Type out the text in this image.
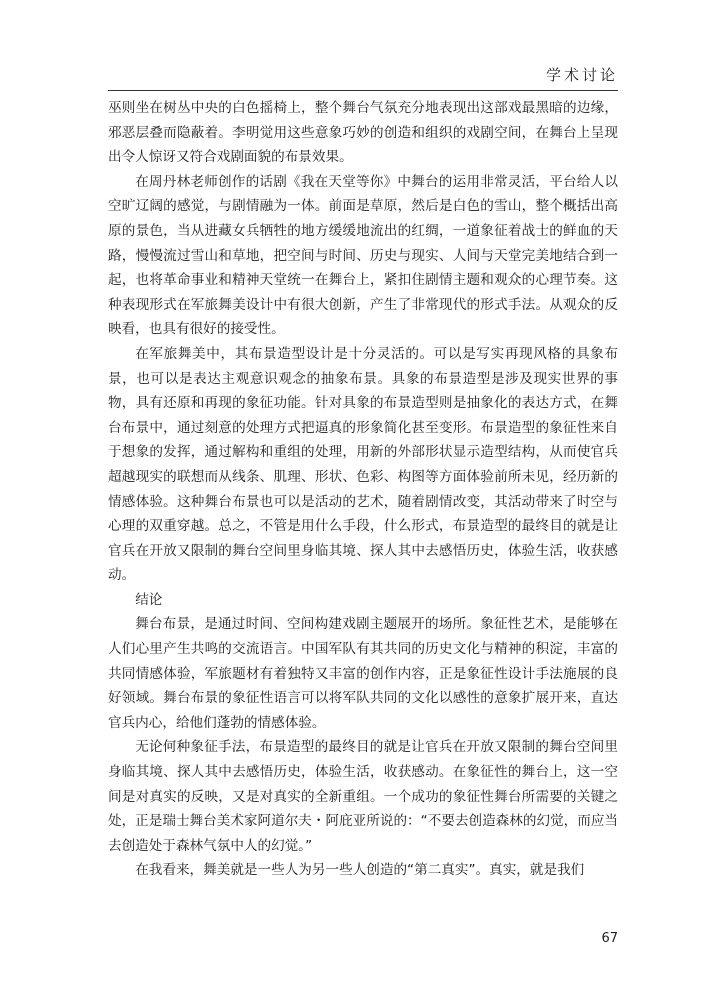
学术讨论

巫则坐在树丛中央的白色摇椅上，整个舞台气氛充分地表现出这部戏最黑暗的边缘，邪恶层叠而隐蔽着。李明觉用这些意象巧妙的创造和组织的戏剧空间，在舞台上呈现出令人惊讶又符合戏剧面貌的布景效果。

在周丹林老师创作的话剧《我在天堂等你》中舞台的运用非常灵活，平台给人以空旷辽阔的感觉，与剧情融为一体。前面是草原，然后是白色的雪山，整个概括出高原的景色，当从进藏女兵牺牲的地方缓缓地流出的红绸，一道象征着战士的鲜血的天路，慢慢流过雪山和草地，把空间与时间、历史与现实、人间与天堂完美地结合到一起，也将革命事业和精神天堂统一在舞台上，紧扣住剧情主题和观众的心理节奏。这种表现形式在军旅舞美设计中有很大创新，产生了非常现代的形式手法。从观众的反映看，也具有很好的接受性。

在军旅舞美中，其布景造型设计是十分灵活的。可以是写实再现风格的具象布景，也可以是表达主观意识观念的抽象布景。具象的布景造型是涉及现实世界的事物，具有还原和再现的象征功能。针对具象的布景造型则是抽象化的表达方式，在舞台布景中，通过刻意的处理方式把逼真的形象简化甚至变形。布景造型的象征性来自于想象的发挥，通过解构和重组的处理，用新的外部形状显示造型结构，从而使官兵超越现实的联想而从线条、肌理、形状、色彩、构图等方面体验前所未见，经历新的情感体验。这种舞台布景也可以是活动的艺术，随着剧情改变，其活动带来了时空与心理的双重穿越。总之，不管是用什么手段，什么形式，布景造型的最终目的就是让官兵在开放又限制的舞台空间里身临其境、探人其中去感悟历史，体验生活，收获感动。

结论

舞台布景，是通过时间、空间构建戏剧主题展开的场所。象征性艺术，是能够在人们心里产生共鸣的交流语言。中国军队有其共同的历史文化与精神的积淀，丰富的共同情感体验，军旅题材有着独特又丰富的创作内容，正是象征性设计手法施展的良好领域。舞台布景的象征性语言可以将军队共同的文化以感性的意象扩展开来，直达官兵内心，给他们蓬勃的情感体验。

无论何种象征手法，布景造型的最终目的就是让官兵在开放又限制的舞台空间里身临其境、探人其中去感悟历史，体验生活，收获感动。在象征性的舞台上，这一空间是对真实的反映，又是对真实的全新重组。一个成功的象征性舞台所需要的关键之处，正是瑞士舞台美术家阿道尔夫・阿庇亚所说的：“不要去创造森林的幻觉，而应当去创造处于森林气氛中人的幻觉。”

在我看来，舞美就是一些人为另一些人创造的“第二真实”。真实，就是我们

67
